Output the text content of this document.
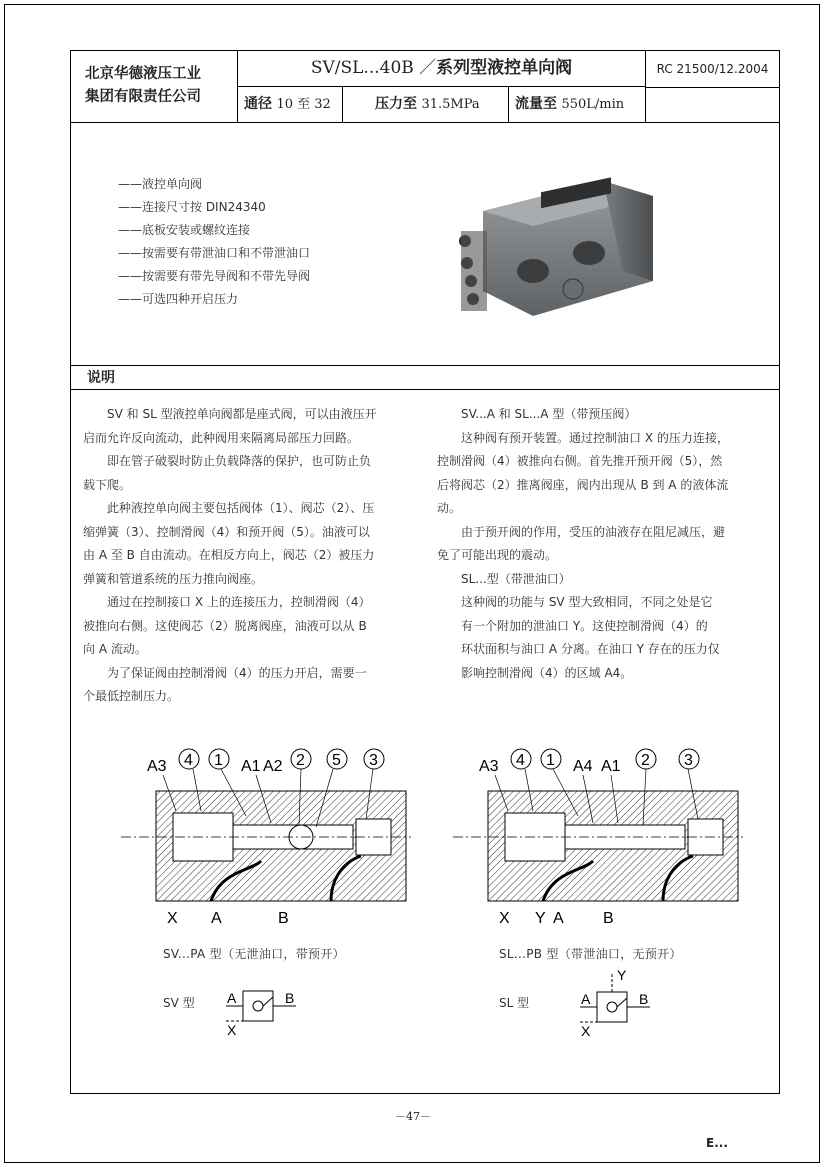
北京华德液压工业
集团有限责任公司
SV/SL...40B ／系列型液控单向阀	RC 21500/12.2004
通径 10 至 32	压力至 31.5MPa	流量至 550L/min
——液控单向阀
——连接尺寸按 DIN24340
——底板安装或螺纹连接
——按需要有带泄油口和不带泄油口
——按需要有带先导阀和不带先导阀
——可选四种开启压力
说明

　　SV 和 SL 型液控单向阀都是座式阀，可以由液压开

启而允许反向流动，此种阀用来隔离局部压力回路。

　　即在管子破裂时防止负载降落的保护，也可防止负

载下爬。

　　此种液控单向阀主要包括阀体（1）、阀芯（2）、压

缩弹簧（3）、控制滑阀（4）和预开阀（5）。油液可以

由 A 至 B 自由流动。在相反方向上，阀芯（2）被压力

弹簧和管道系统的压力推向阀座。

　　通过在控制接口 X 上的连接压力，控制滑阀（4）

被推向右侧。这使阀芯（2）脱离阀座，油液可以从 B

向 A 流动。

　　为了保证阀由控制滑阀（4）的压力开启，需要一

个最低控制压力。

　　SV...A 和 SL...A 型（带预压阀）

　　这种阀有预开装置。通过控制油口 X 的压力连接，

控制滑阀（4）被推向右侧。首先推开预开阀（5），然

后将阀芯（2）推离阀座，阀内出现从 B 到 A 的液体流

动。

　　由于预开阀的作用，受压的油液存在阻尼减压，避

免了可能出现的震动。

　　SL...型（带泄油口）

　　这种阀的功能与 SV 型大致相同，不同之处是它

　　有一个附加的泄油口 Y。这使控制滑阀（4）的

　　环状面积与油口 A 分离。在油口 Y 存在的压力仅

　　影响控制滑阀（4）的区域 A4。

A3 4 1 A1 A2 2 5 3
X A	B
A3 4 1 A4 A1 2 3
X Y A B
SV...PA 型（无泄油口，带预开）	SL...PB 型（带泄油口，无预开）
SV 型 A	B
X
SL 型	A	B
X
Y
－47－
E...
